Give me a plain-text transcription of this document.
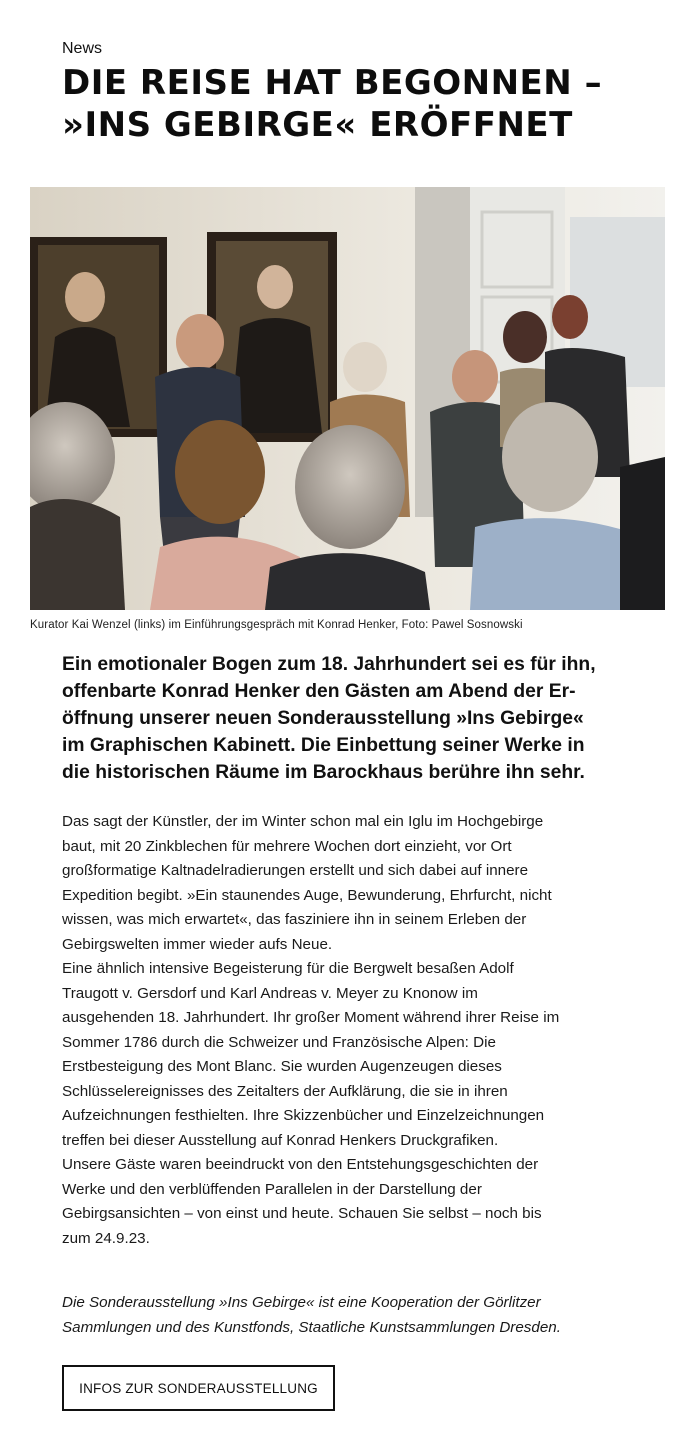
News
DIE REISE HAT BEGONNEN –
»INS GEBIRGE« ERÖFFNET
Kurator Kai Wenzel (links) im Einführungsgespräch mit Konrad Henker, Foto: Pawel Sosnowski

Ein emotionaler Bogen zum 18. Jahrhundert sei es für ihn,
offenbarte Konrad Henker den Gästen am Abend der Er-
öffnung unserer neuen Sonderausstellung »Ins Gebirge«
im Graphischen Kabinett. Die Einbettung seiner Werke in
die historischen Räume im Barockhaus berühre ihn sehr.

Das sagt der Künstler, der im Winter schon mal ein Iglu im Hochgebirge
baut, mit 20 Zinkblechen für mehrere Wochen dort einzieht, vor Ort
großformatige Kaltnadelradierungen erstellt und sich dabei auf innere
Expedition begibt. »Ein staunendes Auge, Bewunderung, Ehrfurcht, nicht
wissen, was mich erwartet«, das fasziniere ihn in seinem Erleben der
Gebirgswelten immer wieder aufs Neue.
Eine ähnlich intensive Begeisterung für die Bergwelt besaßen Adolf
Traugott v. Gersdorf und Karl Andreas v. Meyer zu Knonow im
ausgehenden 18. Jahrhundert. Ihr großer Moment während ihrer Reise im
Sommer 1786 durch die Schweizer und Französische Alpen: Die
Erstbesteigung des Mont Blanc. Sie wurden Augenzeugen dieses
Schlüsselereignisses des Zeitalters der Aufklärung, die sie in ihren
Aufzeichnungen festhielten. Ihre Skizzenbücher und Einzelzeichnungen
treffen bei dieser Ausstellung auf Konrad Henkers Druckgrafiken.
Unsere Gäste waren beeindruckt von den Entstehungsgeschichten der
Werke und den verblüffenden Parallelen in der Darstellung der
Gebirgsansichten – von einst und heute. Schauen Sie selbst – noch bis
zum 24.9.23.
Die Sonderausstellung »Ins Gebirge« ist eine Kooperation der Görlitzer
Sammlungen und des Kunstfonds, Staatliche Kunstsammlungen Dresden.
INFOS ZUR SONDERAUSSTELLUNG
